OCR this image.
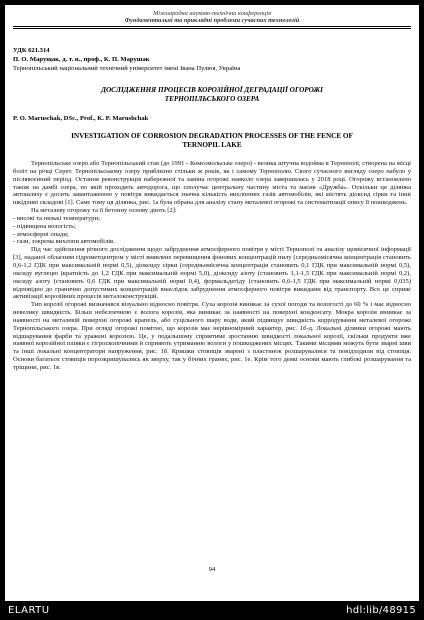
Міжнародна науково-технічна конференція
Фундаментальні та прикладні проблеми сучасних технологій
УДК 621.314
П. О. Марущак, д. т. н., проф., К. П. Марушак
Тернопільський національний технічний університет імені Івана Пулюя, Україна
ДОСЛІДЖЕННЯ ПРОЦЕСІВ КОРОЗІЙНОЇ ДЕГРАДАЦІЇ ОГОРОЖІ
ТЕРНОПІЛЬСЬКОГО ОЗЕРА
P. O. Maruschak, DSc., Prof., K. P. Marushchak
INVESTIGATION OF CORROSION DEGRADATION PROCESSES OF THE FENCE OF
TERNOPIL LAKE

Тернопільське озеро або Тернопільський став (до 1991 - Комсомольське озеро) - велика штучна водойма в Тернополі, створена на місці боліт на річці Серет. Тернопільському озеру приблизно стільки ж років, як і самому Тернополю. Свого сучасного вигляду озеро набуло у післявоєнний період. Остання реконструкція набережної та заміна огорожі навколо озера завершилась у 2018 році. Огорожу встановлено також на дамбі озера, по якій проходить автодорога, що сполучає центральну частину міста та масив «Дружба». Оскільки ця ділянка автошляху є досить завантаженою у повітря викидається значна кількість вихлопних газів автомобілів, які містять діоксид сірки та інші шкідливі складові [1]. Саме тому ця ділянка, рис. 1а була обрана для аналізу стану металевої огорожі та систематизації опису її пошкоджень.

На металеву огорожу та її бетонну основу діють [2]:

- високі та низькі температури;
- підвищена вологість;
- атмосферні опади;
- гази, зокрема вихлопи автомобілів.

Під час здійснення річного дослідження щодо забруднення атмосферного повітря у місті Тернополі та аналізу щомісячної інформації [3], наданої обласним гідрометцентром у місті виявлене перевищення фонових концентрацій пилу (середньомісячна концентрація становить 0,6-1,2 ГДК при максимальній нормі 0,5), діоксиду сірки (середньомісячна концентрація становить 0,1 ГДК при максимальній нормі 0,5), оксиду вуглецю (кратність до 1,2 ГДК при максимальній нормі 5,0), діоксиду азоту (становить 1,1-1,5 ГДК при максимальній нормі 0,2), оксиду азоту (становить 0,6 ГДК при максимальній нормі 0,4), формальдегіду (становить 0,6-1,5 ГДК при максимальній нормі 0,035) відповідно до гранично допустимих концентрацій внаслідок забруднення атмосферного повітря викидами від транспорту. Все це сприяє активізації корозійних процесів металоконструкцій.

Тип корозії огорожі визначався візуально відносно повітря. Суха корозія виникає за сухої погоди та вологості до 60 % і має відносно невелику швидкість. Більш небезпечною є волога корозія, яка виникає за наявності на поверхні конденсату. Мокра корозія виникає за наявності на металевій поверхні огорожі крапель, або суцільного шару води, який підвищує швидкість корродування металевої огорожі Тернопільського озера. При огляді огорожі помітно, що корозія має нерівномірний характер, рис. 1б-д. Локальні ділянки огорожі мають відшарування фарби та уражені корозією. Це, у подальшому сприятиме зростанню швидкості локальної корозії, скільки продукти вже наявної корозійної плівки є гігроскопічними й сприяють утриманню вологи у пошкоджених місцях. Такими місцями можуть бути зварні шви та інші локальні концентратори напруження, рис. 1б. Кришки стовпців зварені з пластинок розшарувалися та повідходили від стовпця. Основи багатьох стовпців порозкришувались як зверху, так у бічних гранях, рис. 1е. Крім того деякі основи мають глибокі розшарування та тріщини, рис. 1в.

94
ELARTU	hdl:lib/48915
